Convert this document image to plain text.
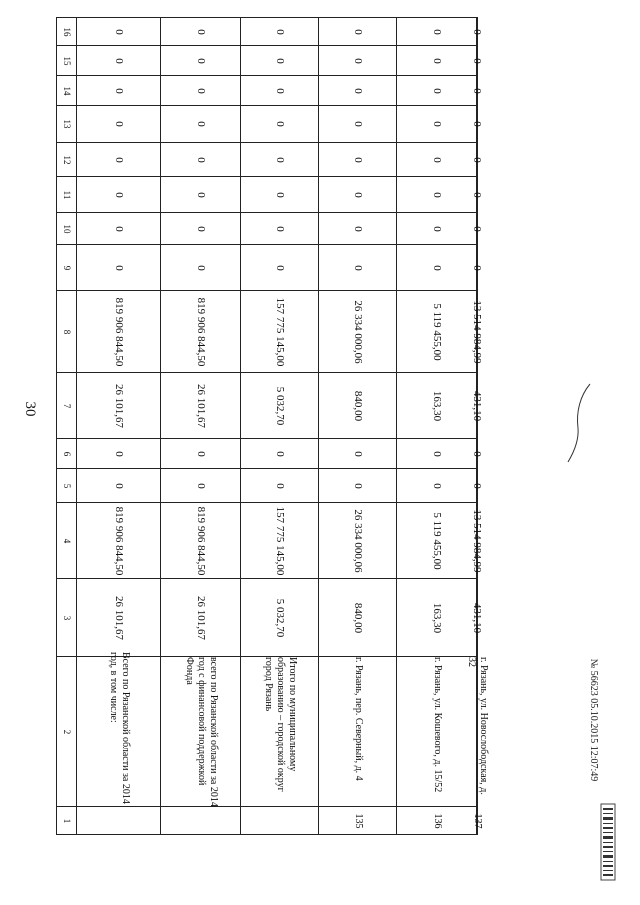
30
16	0	0	0	0	0	0

15	0	0	0	0	0	0

14	0	0	0	0	0	0

13	0	0	0	0	0	0

12	0	0	0	0	0	0

11	0	0	0	0	0	0

10	0	0	0	0	0	0

9	0	0	0	0	0	0

8	819 906 844,50	819 906 844,50	157 775 145,00	26 334 000,06	5 119 455,00	13 514 984,99

7	26 101,67	26 101,67	5 032,70	840,00	163,30	431,10

6	0	0	0	0	0	0

5	0	0	0	0	0	0

4	819 906 844,50	819 906 844,50	157 775 145,00	26 334 000,06	5 119 455,00	13 514 984,99

3	26 101,67	26 101,67	5 032,70	840,00	163,30	431,10

2	Всего по Рязанской области за 2014 год, в том числе:	всего по Рязанской области за 2014 год с финансовой поддержкой Фонда	Итого по муниципальному образованию – городской округ город Рязань	г. Рязань, пер. Северный, д. 4	г. Рязань, ул. Кошевого, д. 15/52	г. Рязань, ул. Новослободская, д. 32

1				135	136	137
№ 56623 05.10.2015 12:07:49
